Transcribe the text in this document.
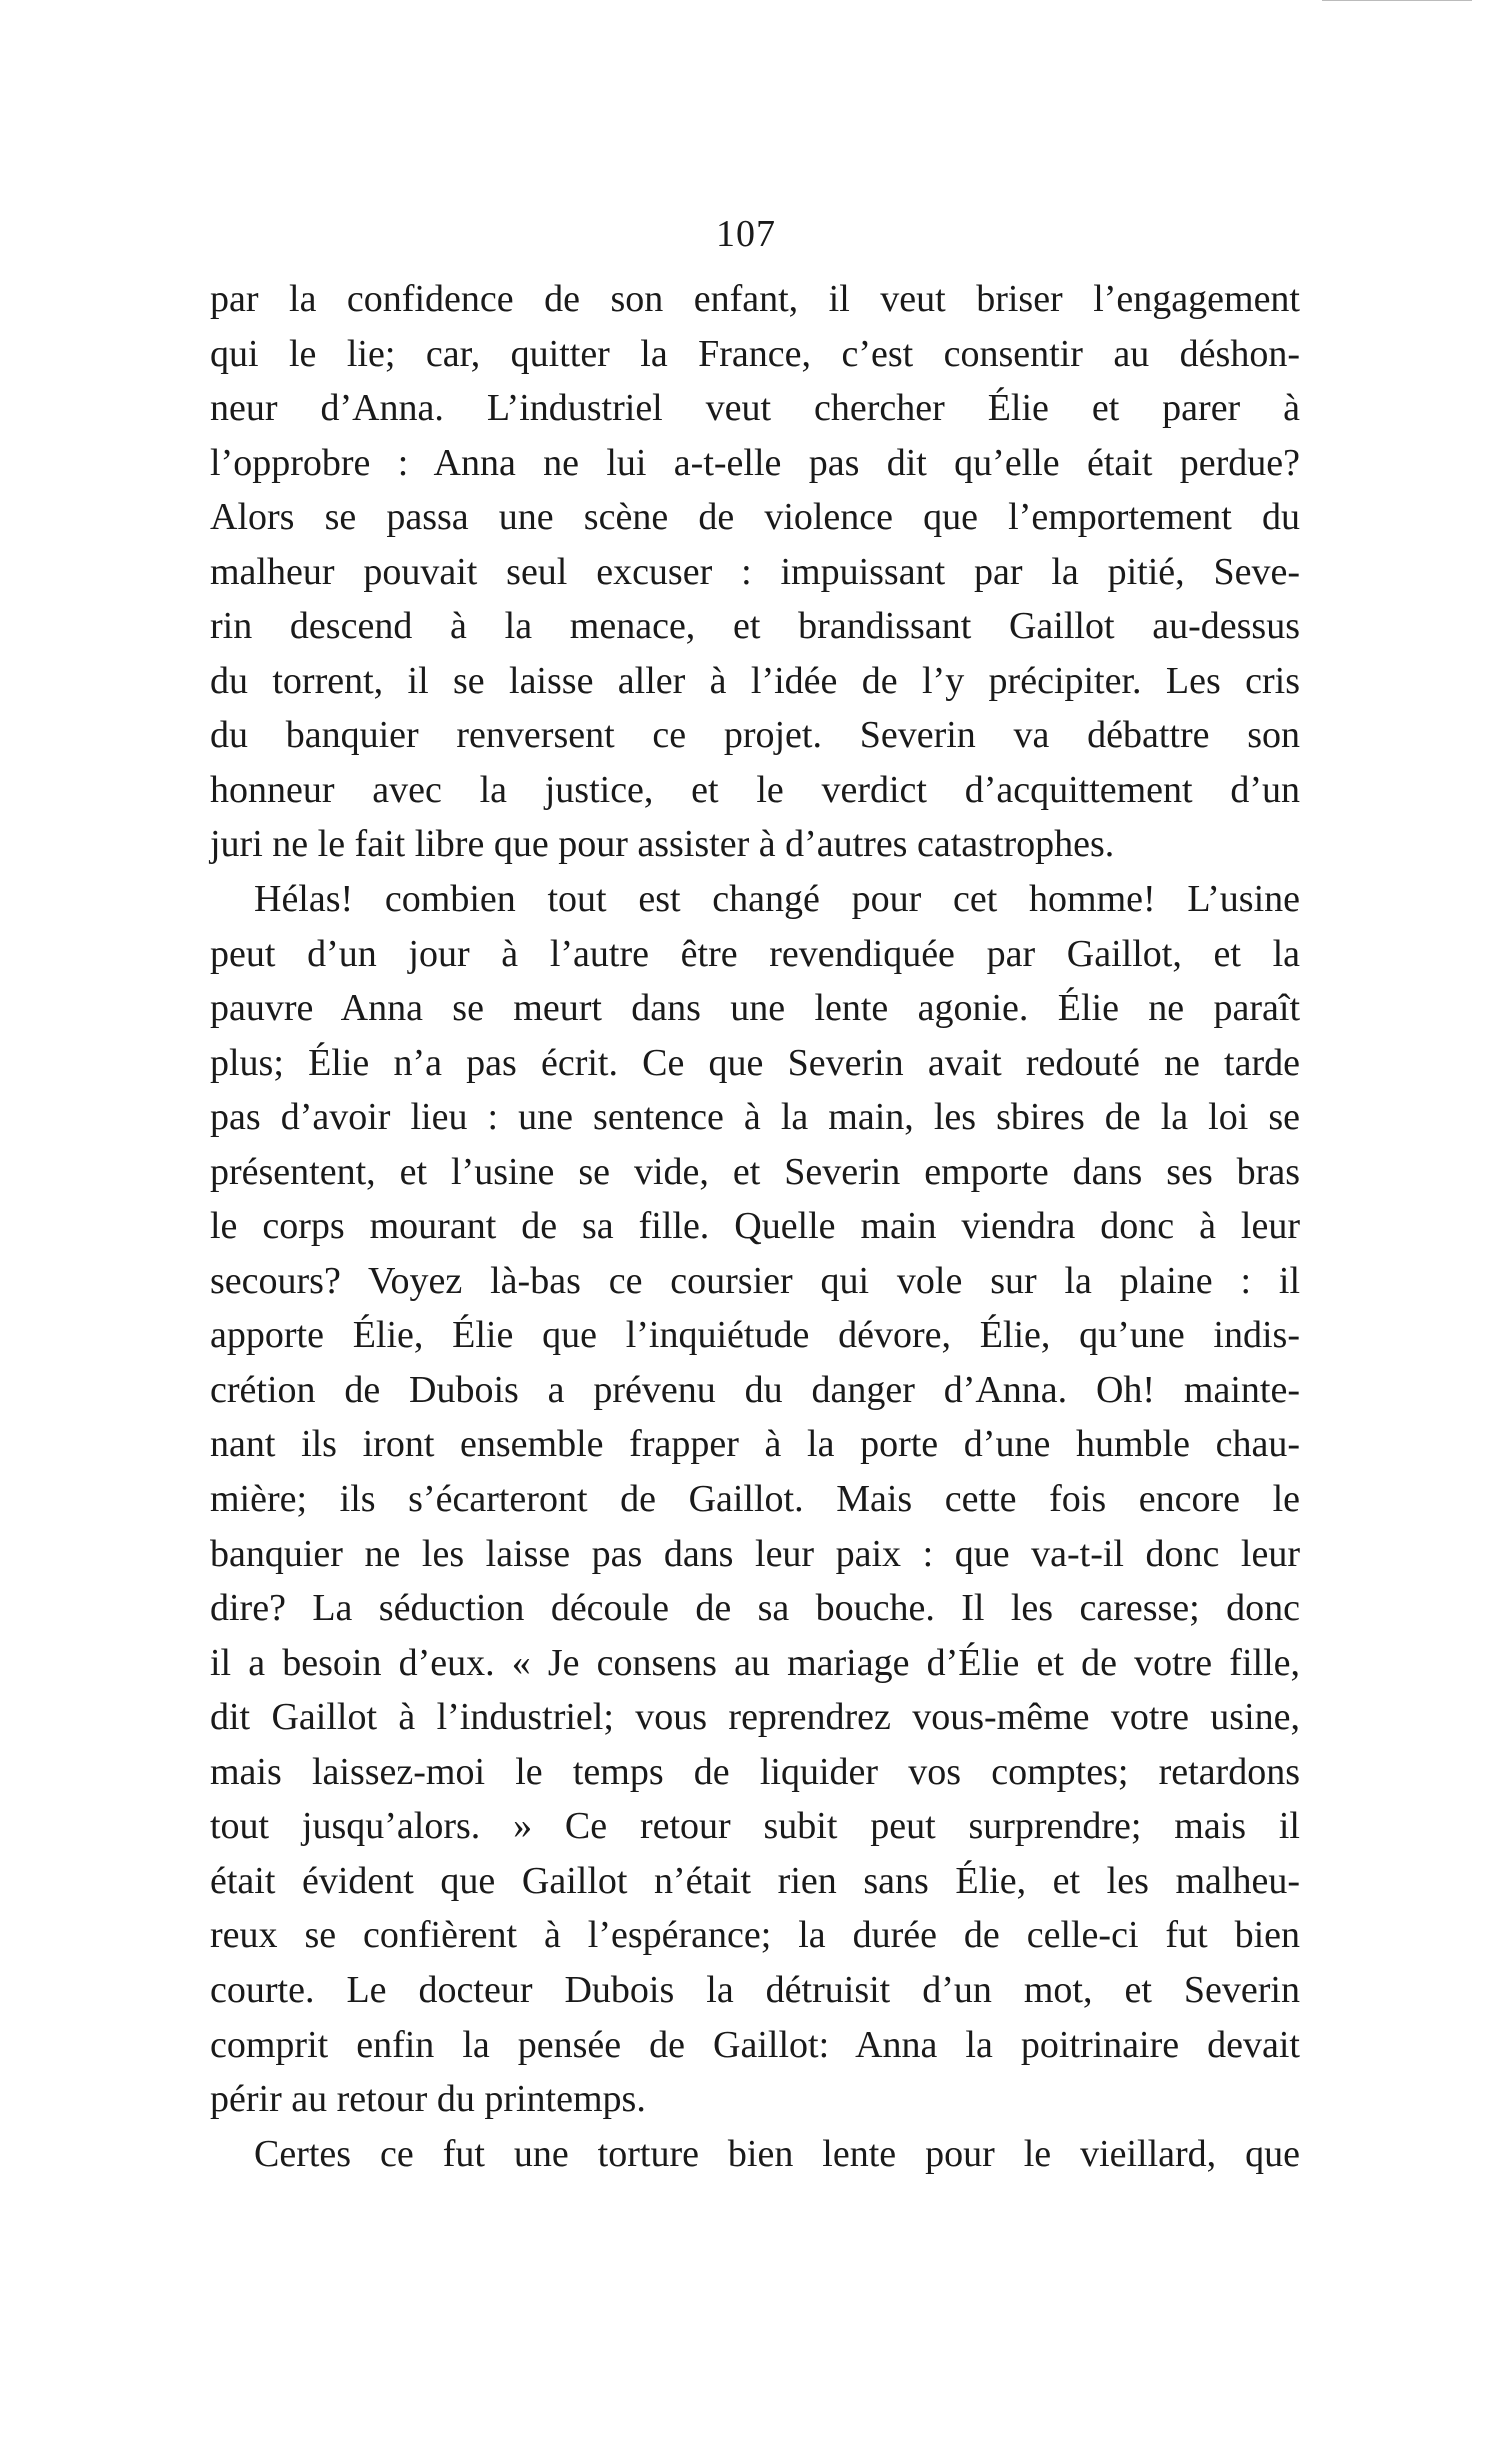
107
par la confidence de son enfant, il veut briser l’engagement
qui le lie; car, quitter la France, c’est consentir au déshon-
neur d’Anna. L’industriel veut chercher Élie et parer à
l’opprobre : Anna ne lui a-t-elle pas dit qu’elle était perdue?
Alors se passa une scène de violence que l’emportement du
malheur pouvait seul excuser : impuissant par la pitié, Seve-
rin descend à la menace, et brandissant Gaillot au-dessus
du torrent, il se laisse aller à l’idée de l’y précipiter. Les cris
du banquier renversent ce projet. Severin va débattre son
honneur avec la justice, et le verdict d’acquittement d’un
juri ne le fait libre que pour assister à d’autres catastrophes.
Hélas! combien tout est changé pour cet homme! L’usine
peut d’un jour à l’autre être revendiquée par Gaillot, et la
pauvre Anna se meurt dans une lente agonie. Élie ne paraît
plus; Élie n’a pas écrit. Ce que Severin avait redouté ne tarde
pas d’avoir lieu : une sentence à la main, les sbires de la loi se
présentent, et l’usine se vide, et Severin emporte dans ses bras
le corps mourant de sa fille. Quelle main viendra donc à leur
secours? Voyez là-bas ce coursier qui vole sur la plaine : il
apporte Élie, Élie que l’inquiétude dévore, Élie, qu’une indis-
crétion de Dubois a prévenu du danger d’Anna. Oh! mainte-
nant ils iront ensemble frapper à la porte d’une humble chau-
mière; ils s’écarteront de Gaillot. Mais cette fois encore le
banquier ne les laisse pas dans leur paix : que va-t-il donc leur
dire? La séduction découle de sa bouche. Il les caresse; donc
il a besoin d’eux. « Je consens au mariage d’Élie et de votre fille,
dit Gaillot à l’industriel; vous reprendrez vous-même votre usine,
mais laissez-moi le temps de liquider vos comptes; retardons
tout jusqu’alors. » Ce retour subit peut surprendre; mais il
était évident que Gaillot n’était rien sans Élie, et les malheu-
reux se confièrent à l’espérance; la durée de celle-ci fut bien
courte. Le docteur Dubois la détruisit d’un mot, et Severin
comprit enfin la pensée de Gaillot: Anna la poitrinaire devait
périr au retour du printemps.
Certes ce fut une torture bien lente pour le vieillard, que
